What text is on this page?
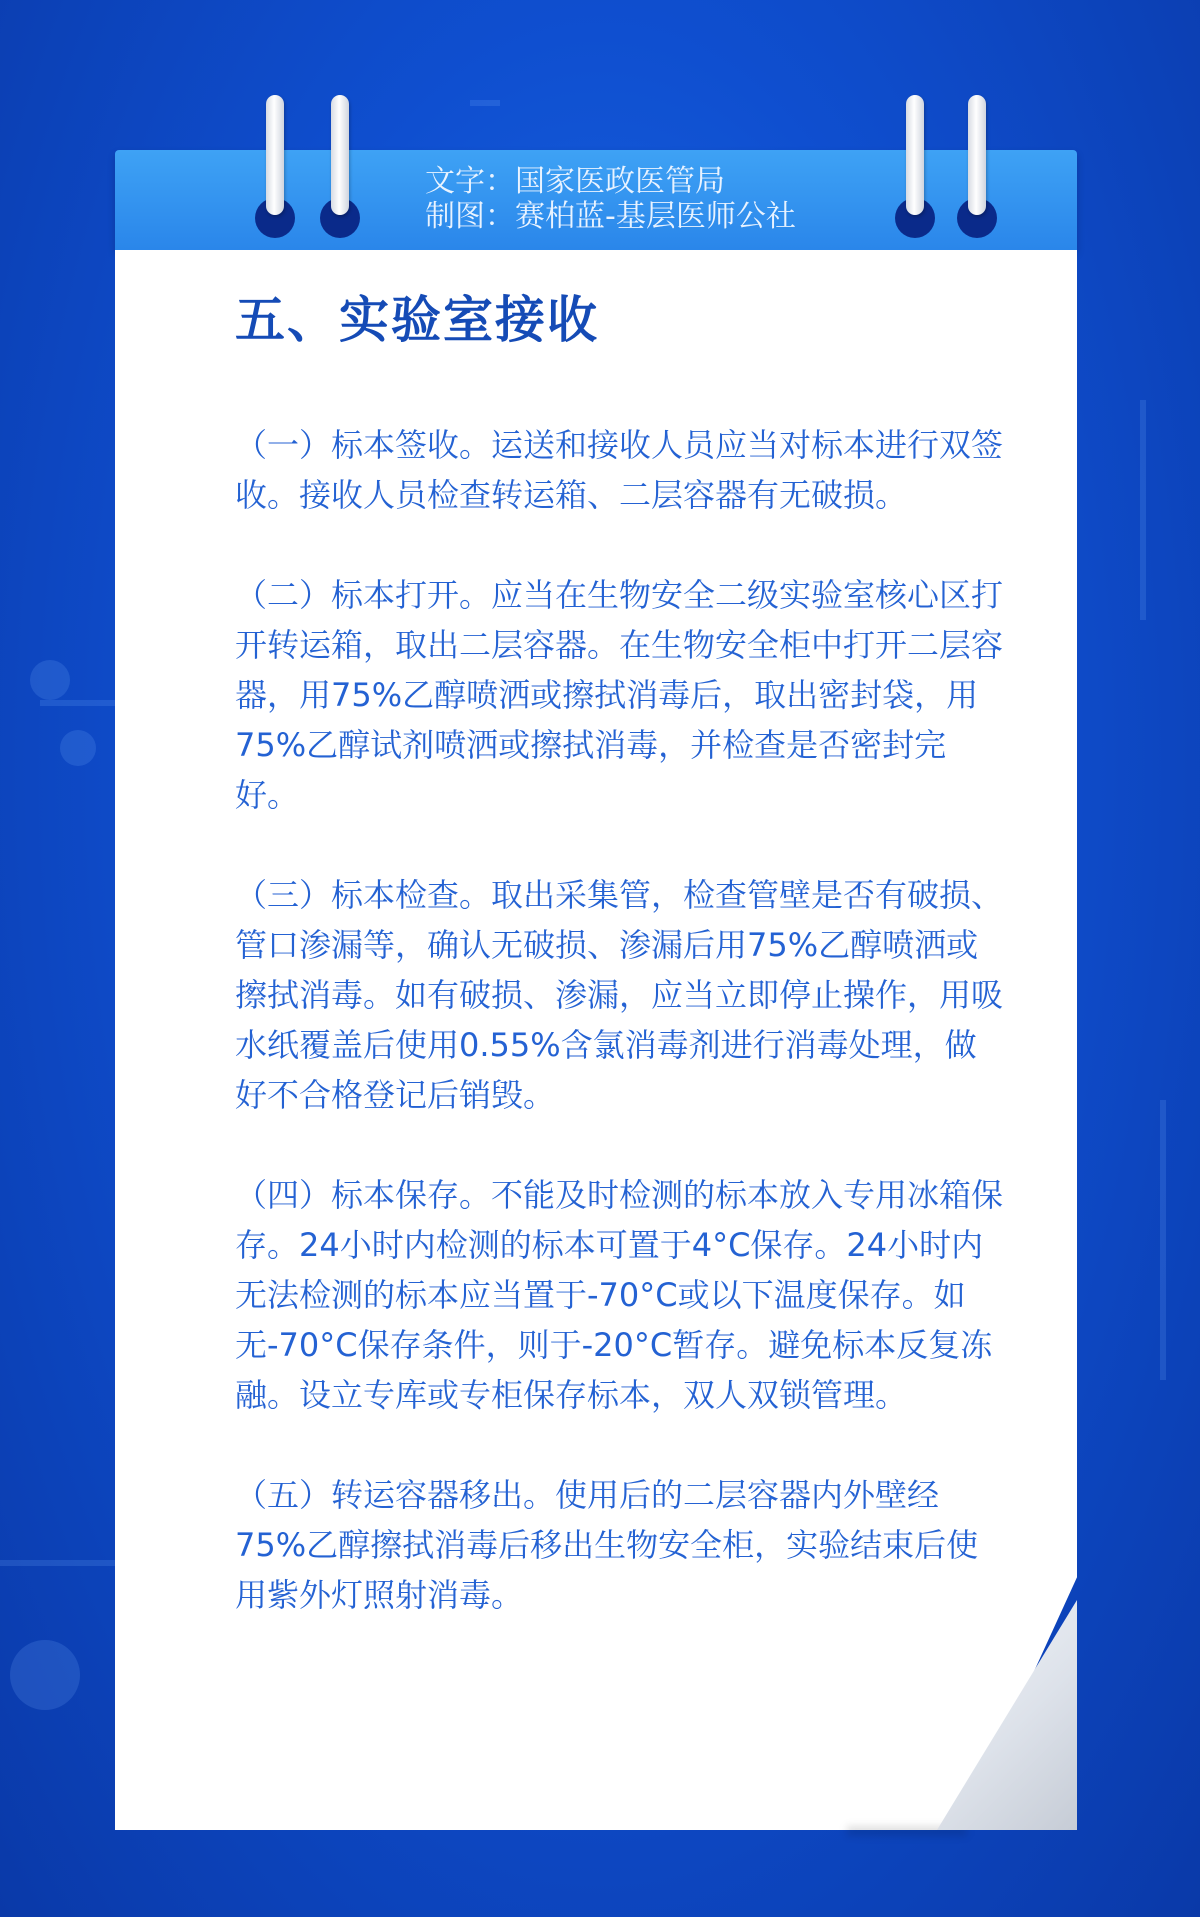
文字：国家医政医管局
制图：赛柏蓝-基层医师公社
五、实验室接收

（一）标本签收。运送和接收人员应当对标本进行双签收。接收人员检查转运箱、二层容器有无破损。

（二）标本打开。应当在生物安全二级实验室核心区打开转运箱，取出二层容器。在生物安全柜中打开二层容器，用75%乙醇喷洒或擦拭消毒后，取出密封袋，用75%乙醇试剂喷洒或擦拭消毒，并检查是否密封完好。

（三）标本检查。取出采集管，检查管壁是否有破损、管口渗漏等，确认无破损、渗漏后用75%乙醇喷洒或擦拭消毒。如有破损、渗漏，应当立即停止操作，用吸水纸覆盖后使用0.55%含氯消毒剂进行消毒处理，做好不合格登记后销毁。

（四）标本保存。不能及时检测的标本放入专用冰箱保存。24小时内检测的标本可置于4°C保存。24小时内无法检测的标本应当置于-70°C或以下温度保存。如无-70°C保存条件，则于-20°C暂存。避免标本反复冻融。设立专库或专柜保存标本，双人双锁管理。

（五）转运容器移出。使用后的二层容器内外壁经75%乙醇擦拭消毒后移出生物安全柜，实验结束后使用紫外灯照射消毒。
